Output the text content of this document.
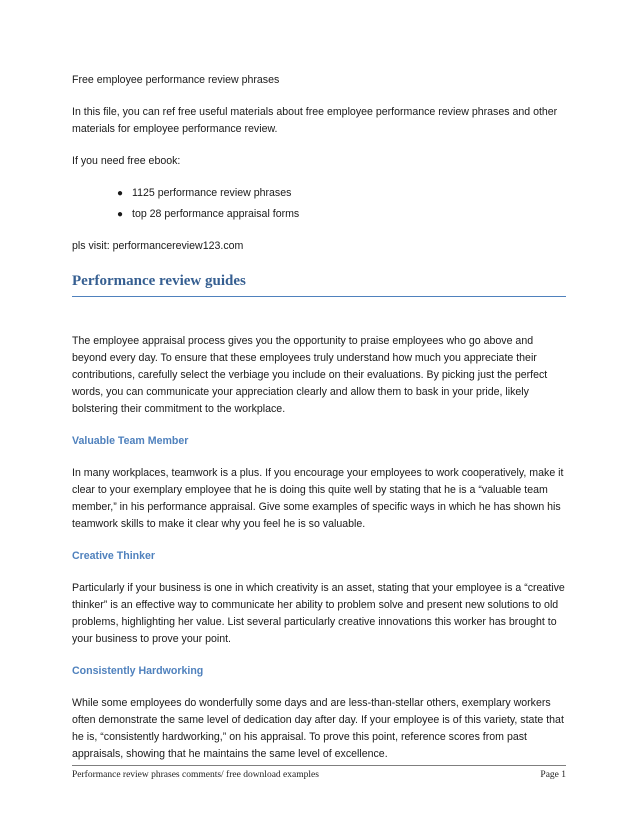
Free employee performance review phrases

In this file, you can ref free useful materials about free employee performance review phrases and other materials for employee performance review.

If you need free ebook:

● 1125 performance review phrases
● top 28 performance appraisal forms

pls visit: performancereview123.com

Performance review guides

The employee appraisal process gives you the opportunity to praise employees who go above and beyond every day. To ensure that these employees truly understand how much you appreciate their contributions, carefully select the verbiage you include on their evaluations. By picking just the perfect words, you can communicate your appreciation clearly and allow them to bask in your pride, likely bolstering their commitment to the workplace.

Valuable Team Member

In many workplaces, teamwork is a plus. If you encourage your employees to work cooperatively, make it clear to your exemplary employee that he is doing this quite well by stating that he is a “valuable team member,” in his performance appraisal. Give some examples of specific ways in which he has shown his teamwork skills to make it clear why you feel he is so valuable.

Creative Thinker

Particularly if your business is one in which creativity is an asset, stating that your employee is a “creative thinker” is an effective way to communicate her ability to problem solve and present new solutions to old problems, highlighting her value. List several particularly creative innovations this worker has brought to your business to prove your point.

Consistently Hardworking

While some employees do wonderfully some days and are less-than-stellar others, exemplary workers often demonstrate the same level of dedication day after day. If your employee is of this variety, state that he is, “consistently hardworking,” on his appraisal. To prove this point, reference scores from past appraisals, showing that he maintains the same level of excellence.

Performance review phrases comments/ free download examples	Page 1
